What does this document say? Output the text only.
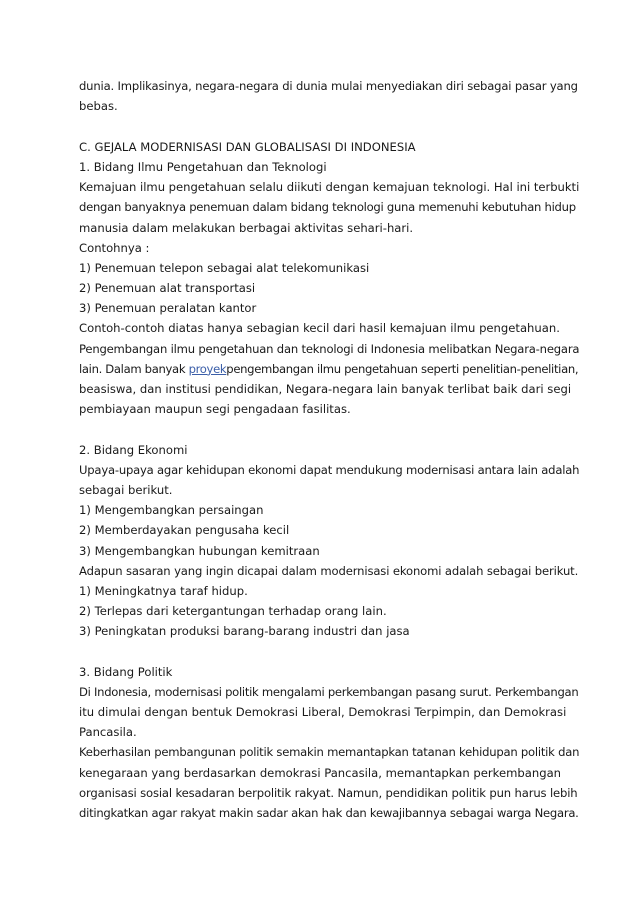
dunia. Implikasinya, negara-negara di dunia mulai menyediakan diri sebagai pasar yang
bebas.
C. GEJALA MODERNISASI DAN GLOBALISASI DI INDONESIA
1. Bidang Ilmu Pengetahuan dan Teknologi
Kemajuan ilmu pengetahuan selalu diikuti dengan kemajuan teknologi. Hal ini terbukti
dengan banyaknya penemuan dalam bidang teknologi guna memenuhi kebutuhan hidup
manusia dalam melakukan berbagai aktivitas sehari-hari.
Contohnya :
1) Penemuan telepon sebagai alat telekomunikasi
2) Penemuan alat transportasi
3) Penemuan peralatan kantor
Contoh-contoh diatas hanya sebagian kecil dari hasil kemajuan ilmu pengetahuan.
Pengembangan ilmu pengetahuan dan teknologi di Indonesia melibatkan Negara-negara
lain. Dalam banyak proyekpengembangan ilmu pengetahuan seperti penelitian-penelitian,
beasiswa, dan institusi pendidikan, Negara-negara lain banyak terlibat baik dari segi
pembiayaan maupun segi pengadaan fasilitas.
2. Bidang Ekonomi
Upaya-upaya agar kehidupan ekonomi dapat mendukung modernisasi antara lain adalah
sebagai berikut.
1) Mengembangkan persaingan
2) Memberdayakan pengusaha kecil
3) Mengembangkan hubungan kemitraan
Adapun sasaran yang ingin dicapai dalam modernisasi ekonomi adalah sebagai berikut.
1) Meningkatnya taraf hidup.
2) Terlepas dari ketergantungan terhadap orang lain.
3) Peningkatan produksi barang-barang industri dan jasa
3. Bidang Politik
Di Indonesia, modernisasi politik mengalami perkembangan pasang surut. Perkembangan
itu dimulai dengan bentuk Demokrasi Liberal, Demokrasi Terpimpin, dan Demokrasi
Pancasila.
Keberhasilan pembangunan politik semakin memantapkan tatanan kehidupan politik dan
kenegaraan yang berdasarkan demokrasi Pancasila, memantapkan perkembangan
organisasi sosial kesadaran berpolitik rakyat. Namun, pendidikan politik pun harus lebih
ditingkatkan agar rakyat makin sadar akan hak dan kewajibannya sebagai warga Negara.
